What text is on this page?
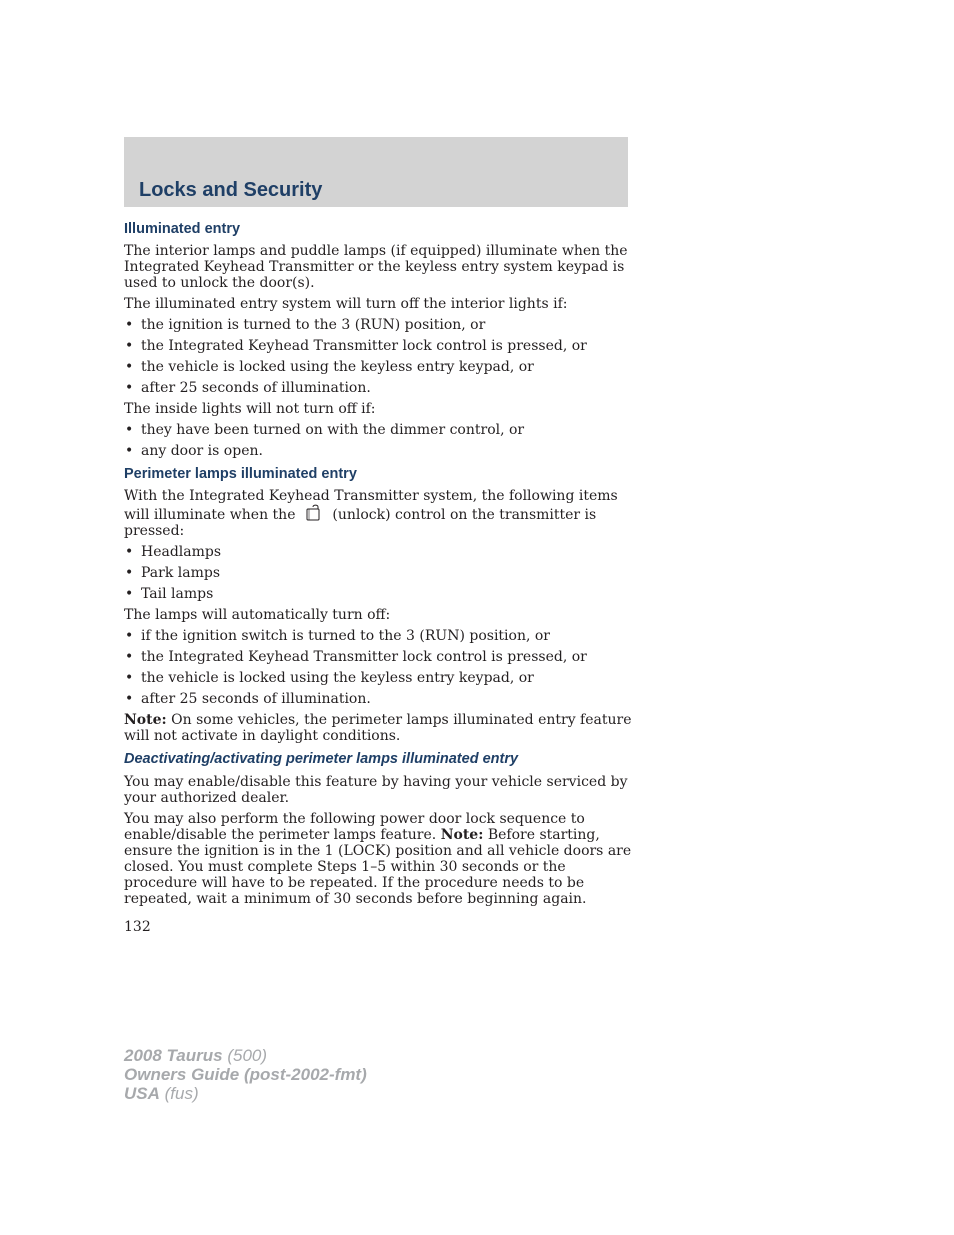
Locks and Security
Illuminated entry

The interior lamps and puddle lamps (if equipped) illuminate when the Integrated Keyhead Transmitter or the keyless entry system keypad is used to unlock the door(s).

The illuminated entry system will turn off the interior lights if:

• the ignition is turned to the 3 (RUN) position, or
• the Integrated Keyhead Transmitter lock control is pressed, or
• the vehicle is locked using the keyless entry keypad, or
• after 25 seconds of illumination.

The inside lights will not turn off if:

• they have been turned on with the dimmer control, or
• any door is open.
Perimeter lamps illuminated entry

With the Integrated Keyhead Transmitter system, the following items will illuminate when the	(unlock) control on the transmitter is pressed:

• Headlamps
• Park lamps
• Tail lamps

The lamps will automatically turn off:

• if the ignition switch is turned to the 3 (RUN) position, or
• the Integrated Keyhead Transmitter lock control is pressed, or
• the vehicle is locked using the keyless entry keypad, or
• after 25 seconds of illumination.

Note: On some vehicles, the perimeter lamps illuminated entry feature will not activate in daylight conditions.

Deactivating/activating perimeter lamps illuminated entry

You may enable/disable this feature by having your vehicle serviced by your authorized dealer.

You may also perform the following power door lock sequence to enable/disable the perimeter lamps feature. Note: Before starting, ensure the ignition is in the 1 (LOCK) position and all vehicle doors are closed. You must complete Steps 1–5 within 30 seconds or the procedure will have to be repeated. If the procedure needs to be repeated, wait a minimum of 30 seconds before beginning again.

132
2008 Taurus (500)
Owners Guide (post-2002-fmt)
USA (fus)
